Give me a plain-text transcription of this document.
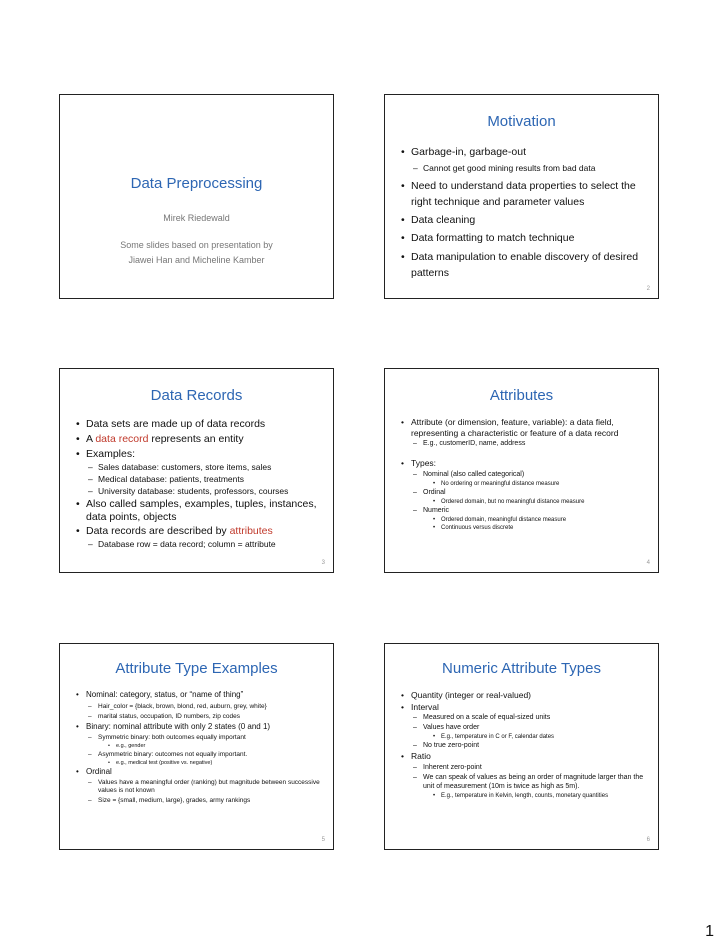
Data Preprocessing
Mirek Riedewald
Some slides based on presentation by
Jiawei Han and Micheline Kamber
Motivation
• Garbage-in, garbage-out
– Cannot get good mining results from bad data
• Need to understand data properties to select the right technique and parameter values
• Data cleaning
• Data formatting to match technique
• Data manipulation to enable discovery of desired patterns
2
Data Records
• Data sets are made up of data records
• A data record represents an entity
• Examples:
– Sales database: customers, store items, sales
– Medical database: patients, treatments
– University database: students, professors, courses
• Also called samples, examples, tuples, instances, data points, objects
• Data records are described by attributes
– Database row = data record; column = attribute
3
Attributes
• Attribute (or dimension, feature, variable): a data field, representing a characteristic or feature of a data record
– E.g., customerID, name, address
• Types:
– Nominal (also called categorical)
• No ordering or meaningful distance measure
– Ordinal
• Ordered domain, but no meaningful distance measure
– Numeric
• Ordered domain, meaningful distance measure
• Continuous versus discrete
4
Attribute Type Examples
• Nominal: category, status, or “name of thing”
– Hair_color = {black, brown, blond, red, auburn, grey, white}
– marital status, occupation, ID numbers, zip codes
• Binary: nominal attribute with only 2 states (0 and 1)
– Symmetric binary: both outcomes equally important
• e.g., gender
– Asymmetric binary: outcomes not equally important.
• e.g., medical test (positive vs. negative)
• Ordinal
– Values have a meaningful order (ranking) but magnitude between successive values is not known
– Size = {small, medium, large}, grades, army rankings
5
Numeric Attribute Types
• Quantity (integer or real-valued)
• Interval
– Measured on a scale of equal-sized units
– Values have order
• E.g., temperature in C or F, calendar dates
– No true zero-point
• Ratio
– Inherent zero-point
– We can speak of values as being an order of magnitude larger than the unit of measurement (10m is twice as high as 5m).
• E.g., temperature in Kelvin, length, counts, monetary quantities
6
1
